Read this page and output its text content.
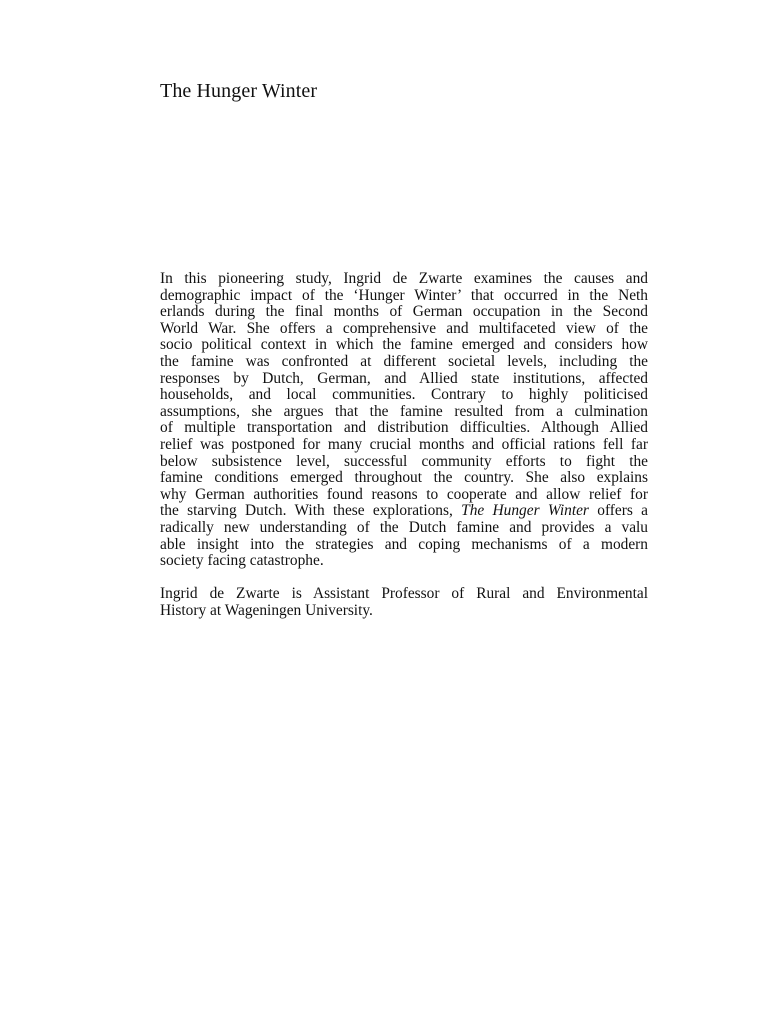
The Hunger Winter

In this pioneering study, Ingrid de Zwarte examines the causes and
demographic impact of the ‘Hunger Winter’ that occurred in the Neth
erlands during the final months of German occupation in the Second
World War. She offers a comprehensive and multifaceted view of the
socio political context in which the famine emerged and considers how
the famine was confronted at different societal levels, including the
responses by Dutch, German, and Allied state institutions, affected
households, and local communities. Contrary to highly politicised
assumptions, she argues that the famine resulted from a culmination
of multiple transportation and distribution difficulties. Although Allied
relief was postponed for many crucial months and official rations fell far
below subsistence level, successful community efforts to fight the
famine conditions emerged throughout the country. She also explains
why German authorities found reasons to cooperate and allow relief for
the starving Dutch. With these explorations, The Hunger Winter offers a
radically new understanding of the Dutch famine and provides a valu
able insight into the strategies and coping mechanisms of a modern
society facing catastrophe.

Ingrid de Zwarte is Assistant Professor of Rural and Environmental
History at Wageningen University.
